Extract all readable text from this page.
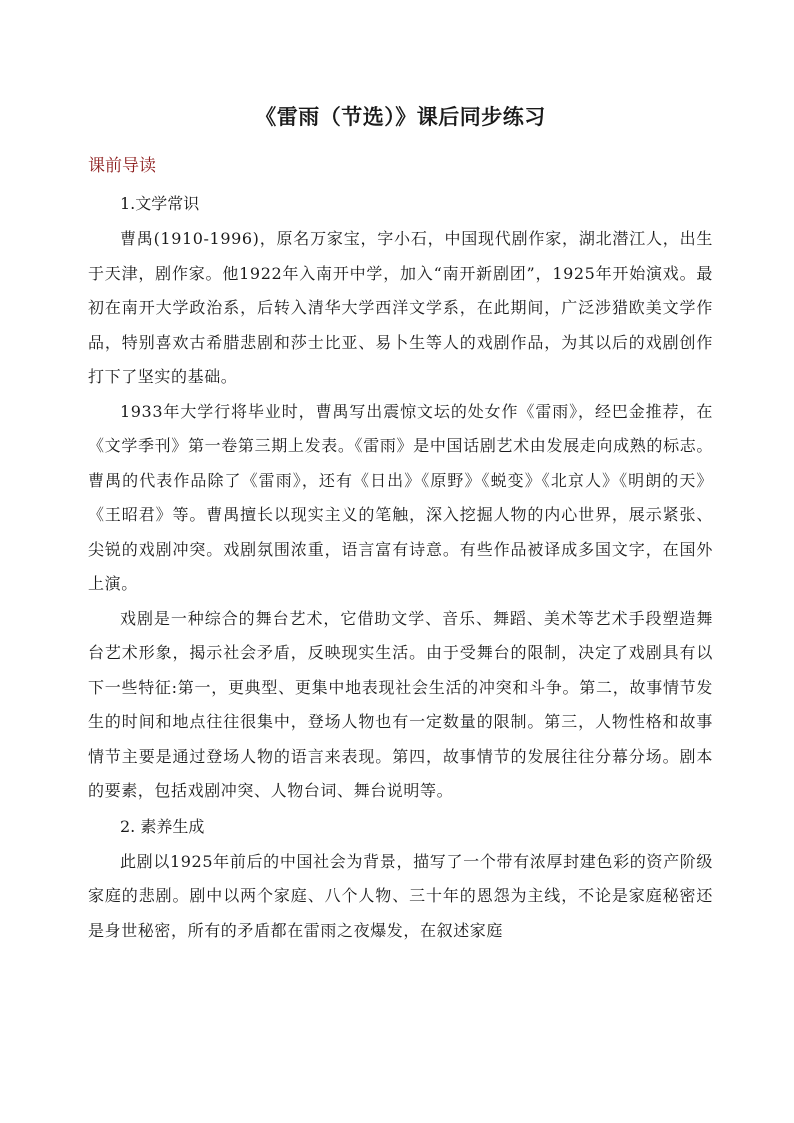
《雷雨（节选）》课后同步练习
课前导读

1.文学常识

曹禺(1910-1996)，原名万家宝，字小石，中国现代剧作家，湖北潜江人，出生于天津，剧作家。他1922年入南开中学，加入“南开新剧团”，1925年开始演戏。最初在南开大学政治系，后转入清华大学西洋文学系，在此期间，广泛涉猎欧美文学作品，特别喜欢古希腊悲剧和莎士比亚、易卜生等人的戏剧作品，为其以后的戏剧创作打下了坚实的基础。

1933年大学行将毕业时，曹禺写出震惊文坛的处女作《雷雨》，经巴金推荐，在《文学季刊》第一卷第三期上发表。《雷雨》是中国话剧艺术由发展走向成熟的标志。曹禺的代表作品除了《雷雨》，还有《日出》《原野》《蜕变》《北京人》《明朗的天》《王昭君》等。曹禺擅长以现实主义的笔触，深入挖掘人物的内心世界，展示紧张、尖锐的戏剧冲突。戏剧氛围浓重，语言富有诗意。有些作品被译成多国文字，在国外上演。

戏剧是一种综合的舞台艺术，它借助文学、音乐、舞蹈、美术等艺术手段塑造舞台艺术形象，揭示社会矛盾，反映现实生活。由于受舞台的限制，决定了戏剧具有以下一些特征:第一，更典型、更集中地表现社会生活的冲突和斗争。第二，故事情节发生的时间和地点往往很集中，登场人物也有一定数量的限制。第三，人物性格和故事情节主要是通过登场人物的语言来表现。第四，故事情节的发展往往分幕分场。剧本的要素，包括戏剧冲突、人物台词、舞台说明等。

2. 素养生成

此剧以1925年前后的中国社会为背景，描写了一个带有浓厚封建色彩的资产阶级家庭的悲剧。剧中以两个家庭、八个人物、三十年的恩怨为主线，不论是家庭秘密还是身世秘密，所有的矛盾都在雷雨之夜爆发，在叙述家庭
